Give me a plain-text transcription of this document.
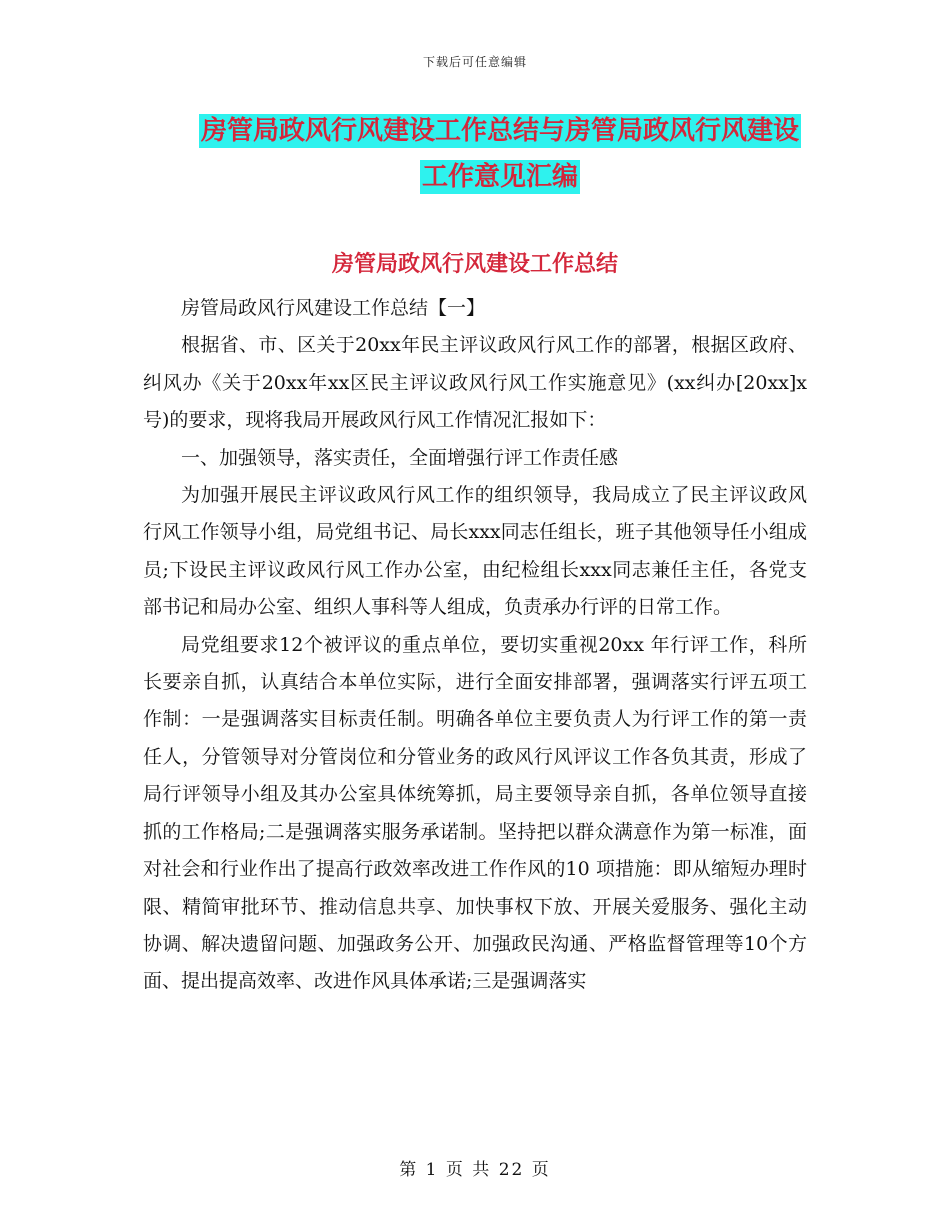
下载后可任意编辑
房管局政风行风建设工作总结与房管局政风行风建设
工作意见汇编
房管局政风行风建设工作总结

房管局政风行风建设工作总结【一】

根据省、市、区关于20xx年民主评议政风行风工作的部署，根据区政府、纠风办《关于20xx年xx区民主评议政风行风工作实施意见》(xx纠办[20xx]x号)的要求，现将我局开展政风行风工作情况汇报如下：

一、加强领导，落实责任，全面增强行评工作责任感

为加强开展民主评议政风行风工作的组织领导，我局成立了民主评议政风行风工作领导小组，局党组书记、局长xxx同志任组长，班子其他领导任小组成员;下设民主评议政风行风工作办公室，由纪检组长xxx同志兼任主任，各党支部书记和局办公室、组织人事科等人组成，负责承办行评的日常工作。

局党组要求12个被评议的重点单位，要切实重视20xx 年行评工作，科所长要亲自抓，认真结合本单位实际，进行全面安排部署，强调落实行评五项工作制：一是强调落实目标责任制。明确各单位主要负责人为行评工作的第一责任人，分管领导对分管岗位和分管业务的政风行风评议工作各负其责，形成了局行评领导小组及其办公室具体统筹抓，局主要领导亲自抓，各单位领导直接抓的工作格局;二是强调落实服务承诺制。坚持把以群众满意作为第一标准，面对社会和行业作出了提高行政效率改进工作作风的10 项措施：即从缩短办理时限、精简审批环节、推动信息共享、加快事权下放、开展关爱服务、强化主动协调、解决遗留问题、加强政务公开、加强政民沟通、严格监督管理等10个方面、提出提高效率、改进作风具体承诺;三是强调落实

第 1 页 共 22 页
